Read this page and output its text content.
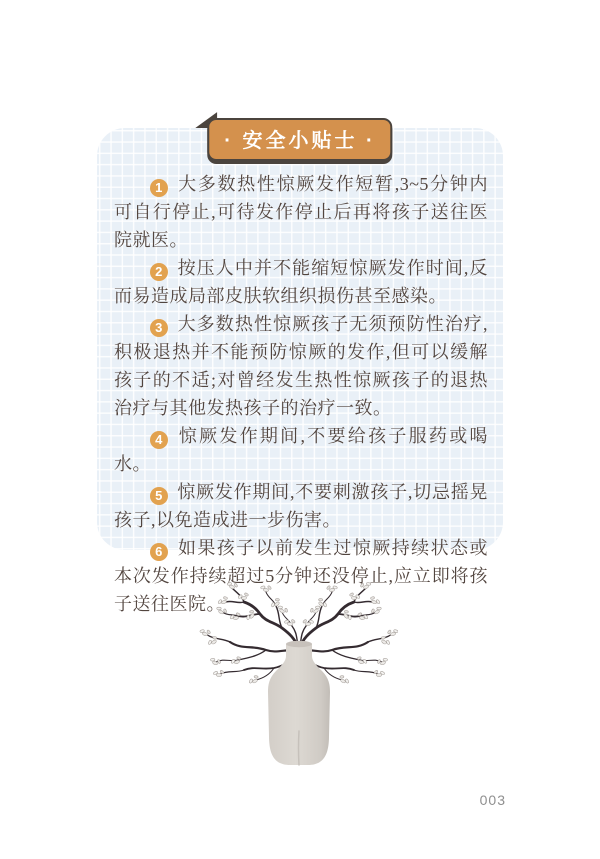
· 安全小贴士 ·

1 大多数热性惊厥发作短暂,3~5分钟内可自行停止,可待发作停止后再将孩子送往医院就医。

2 按压人中并不能缩短惊厥发作时间,反而易造成局部皮肤软组织损伤甚至感染。

3 大多数热性惊厥孩子无须预防性治疗,积极退热并不能预防惊厥的发作,但可以缓解孩子的不适;对曾经发生热性惊厥孩子的退热治疗与其他发热孩子的治疗一致。

4 惊厥发作期间,不要给孩子服药或喝水。

5 惊厥发作期间,不要刺激孩子,切忌摇晃孩子,以免造成进一步伤害。

6 如果孩子以前发生过惊厥持续状态或本次发作持续超过5分钟还没停止,应立即将孩子送往医院。

003
